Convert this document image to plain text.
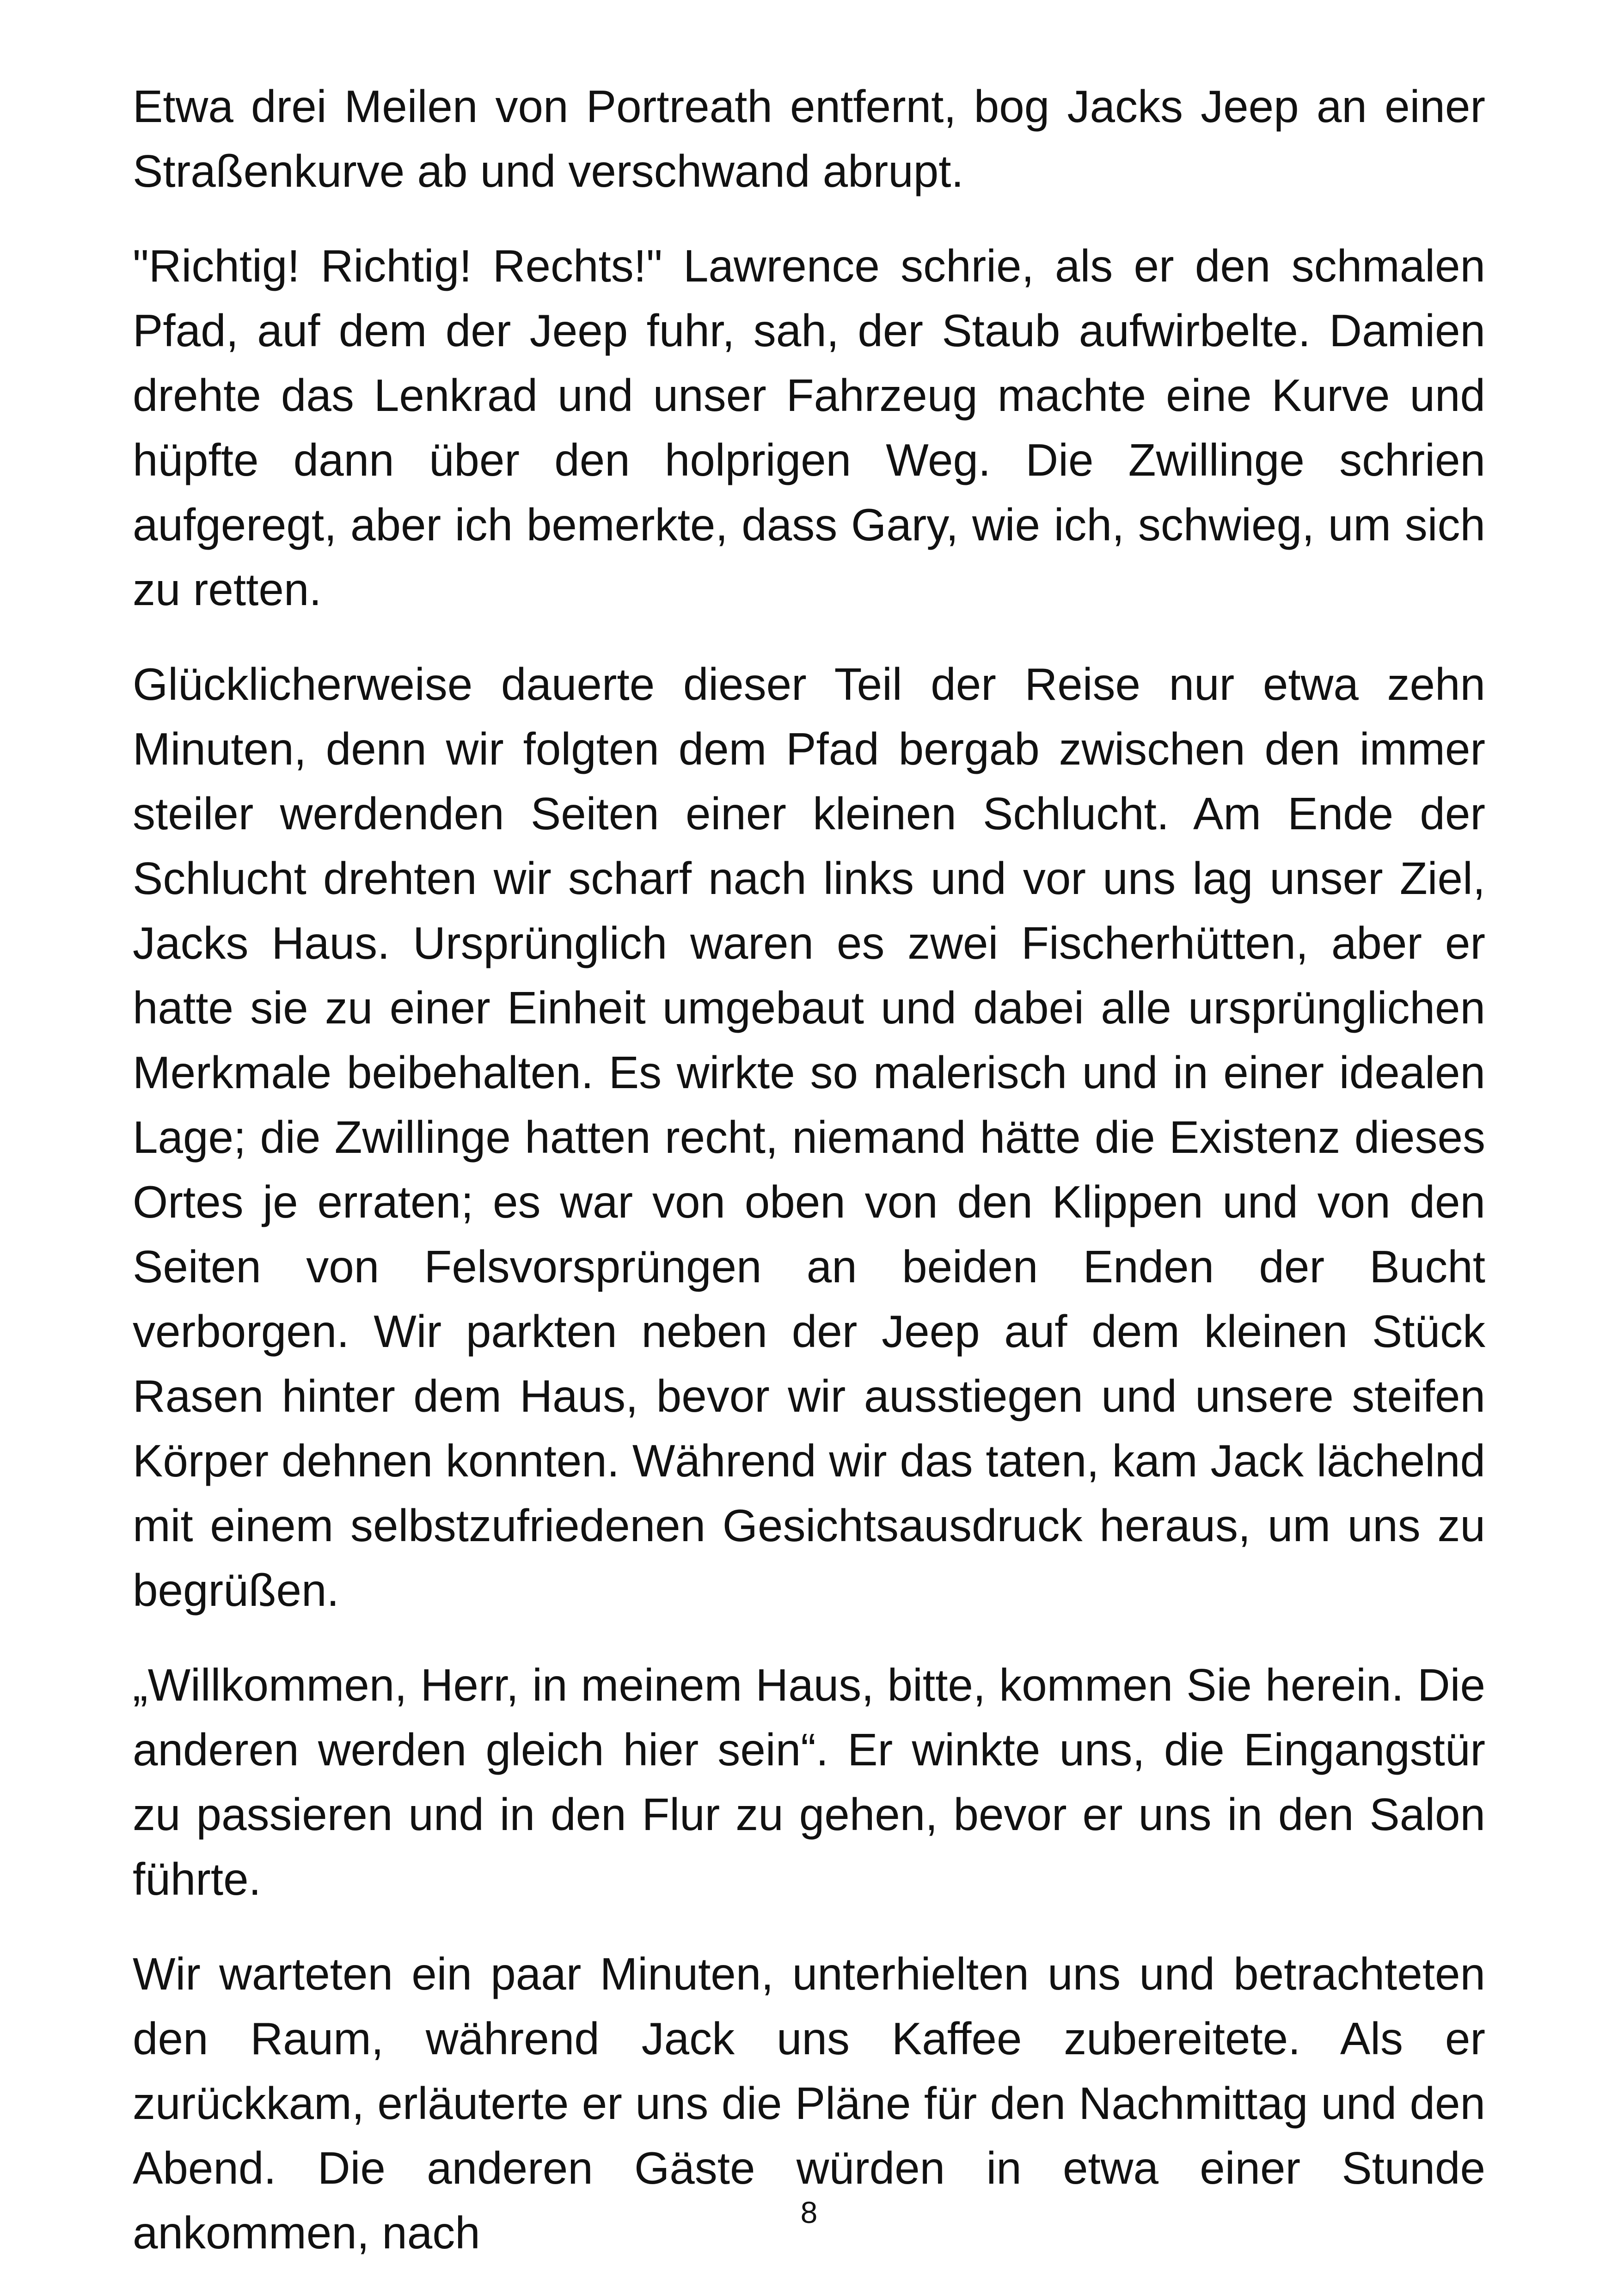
Etwa drei Meilen von Portreath entfernt, bog Jacks Jeep an einer Straßenkurve ab und verschwand abrupt.

"Richtig! Richtig! Rechts!" Lawrence schrie, als er den schmalen Pfad, auf dem der Jeep fuhr, sah, der Staub aufwirbelte. Damien drehte das Lenkrad und unser Fahrzeug machte eine Kurve und hüpfte dann über den holprigen Weg. Die Zwillinge schrien aufgeregt, aber ich bemerkte, dass Gary, wie ich, schwieg, um sich zu retten.

Glücklicherweise dauerte dieser Teil der Reise nur etwa zehn Minuten, denn wir folgten dem Pfad bergab zwischen den immer steiler werdenden Seiten einer kleinen Schlucht. Am Ende der Schlucht drehten wir scharf nach links und vor uns lag unser Ziel, Jacks Haus. Ursprünglich waren es zwei Fischerhütten, aber er hatte sie zu einer Einheit umgebaut und dabei alle ursprünglichen Merkmale beibehalten. Es wirkte so malerisch und in einer idealen Lage; die Zwillinge hatten recht, niemand hätte die Existenz dieses Ortes je erraten; es war von oben von den Klippen und von den Seiten von Felsvorsprüngen an beiden Enden der Bucht verborgen. Wir parkten neben der Jeep auf dem kleinen Stück Rasen hinter dem Haus, bevor wir ausstiegen und unsere steifen Körper dehnen konnten. Während wir das taten, kam Jack lächelnd mit einem selbstzufriedenen Gesichtsausdruck heraus, um uns zu begrüßen.

„Willkommen, Herr, in meinem Haus, bitte, kommen Sie herein. Die anderen werden gleich hier sein“. Er winkte uns, die Eingangstür zu passieren und in den Flur zu gehen, bevor er uns in den Salon führte.

Wir warteten ein paar Minuten, unterhielten uns und betrachteten den Raum, während Jack uns Kaffee zubereitete. Als er zurückkam, erläuterte er uns die Pläne für den Nachmittag und den Abend. Die anderen Gäste würden in etwa einer Stunde ankommen, nach	8
